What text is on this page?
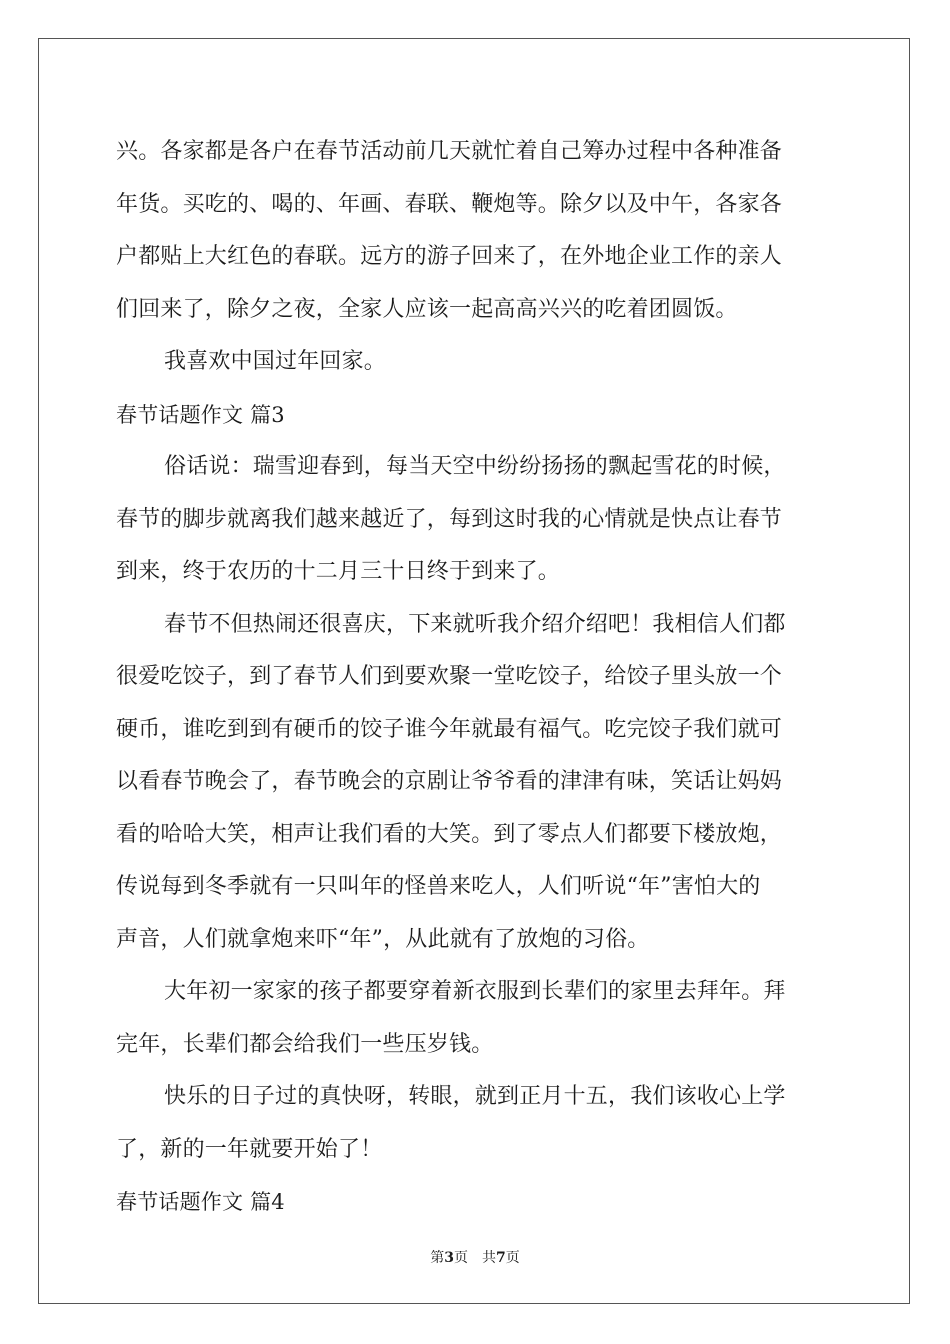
兴。各家都是各户在春节活动前几天就忙着自己筹办过程中各种准备
年货。买吃的、喝的、年画、春联、鞭炮等。除夕以及中午，各家各
户都贴上大红色的春联。远方的游子回来了，在外地企业工作的亲人
们回来了，除夕之夜，全家人应该一起高高兴兴的吃着团圆饭。
我喜欢中国过年回家。
春节话题作文 篇3
俗话说：瑞雪迎春到，每当天空中纷纷扬扬的飘起雪花的时候，
春节的脚步就离我们越来越近了，每到这时我的心情就是快点让春节
到来，终于农历的十二月三十日终于到来了。
春节不但热闹还很喜庆，下来就听我介绍介绍吧！我相信人们都
很爱吃饺子，到了春节人们到要欢聚一堂吃饺子，给饺子里头放一个
硬币，谁吃到到有硬币的饺子谁今年就最有福气。吃完饺子我们就可
以看春节晚会了，春节晚会的京剧让爷爷看的津津有味，笑话让妈妈
看的哈哈大笑，相声让我们看的大笑。到了零点人们都要下楼放炮，
传说每到冬季就有一只叫年的怪兽来吃人，人们听说“年”害怕大的
声音，人们就拿炮来吓“年”，从此就有了放炮的习俗。
大年初一家家的孩子都要穿着新衣服到长辈们的家里去拜年。拜
完年，长辈们都会给我们一些压岁钱。
快乐的日子过的真快呀，转眼，就到正月十五，我们该收心上学
了，新的一年就要开始了！
春节话题作文 篇4
第3页 共7页
